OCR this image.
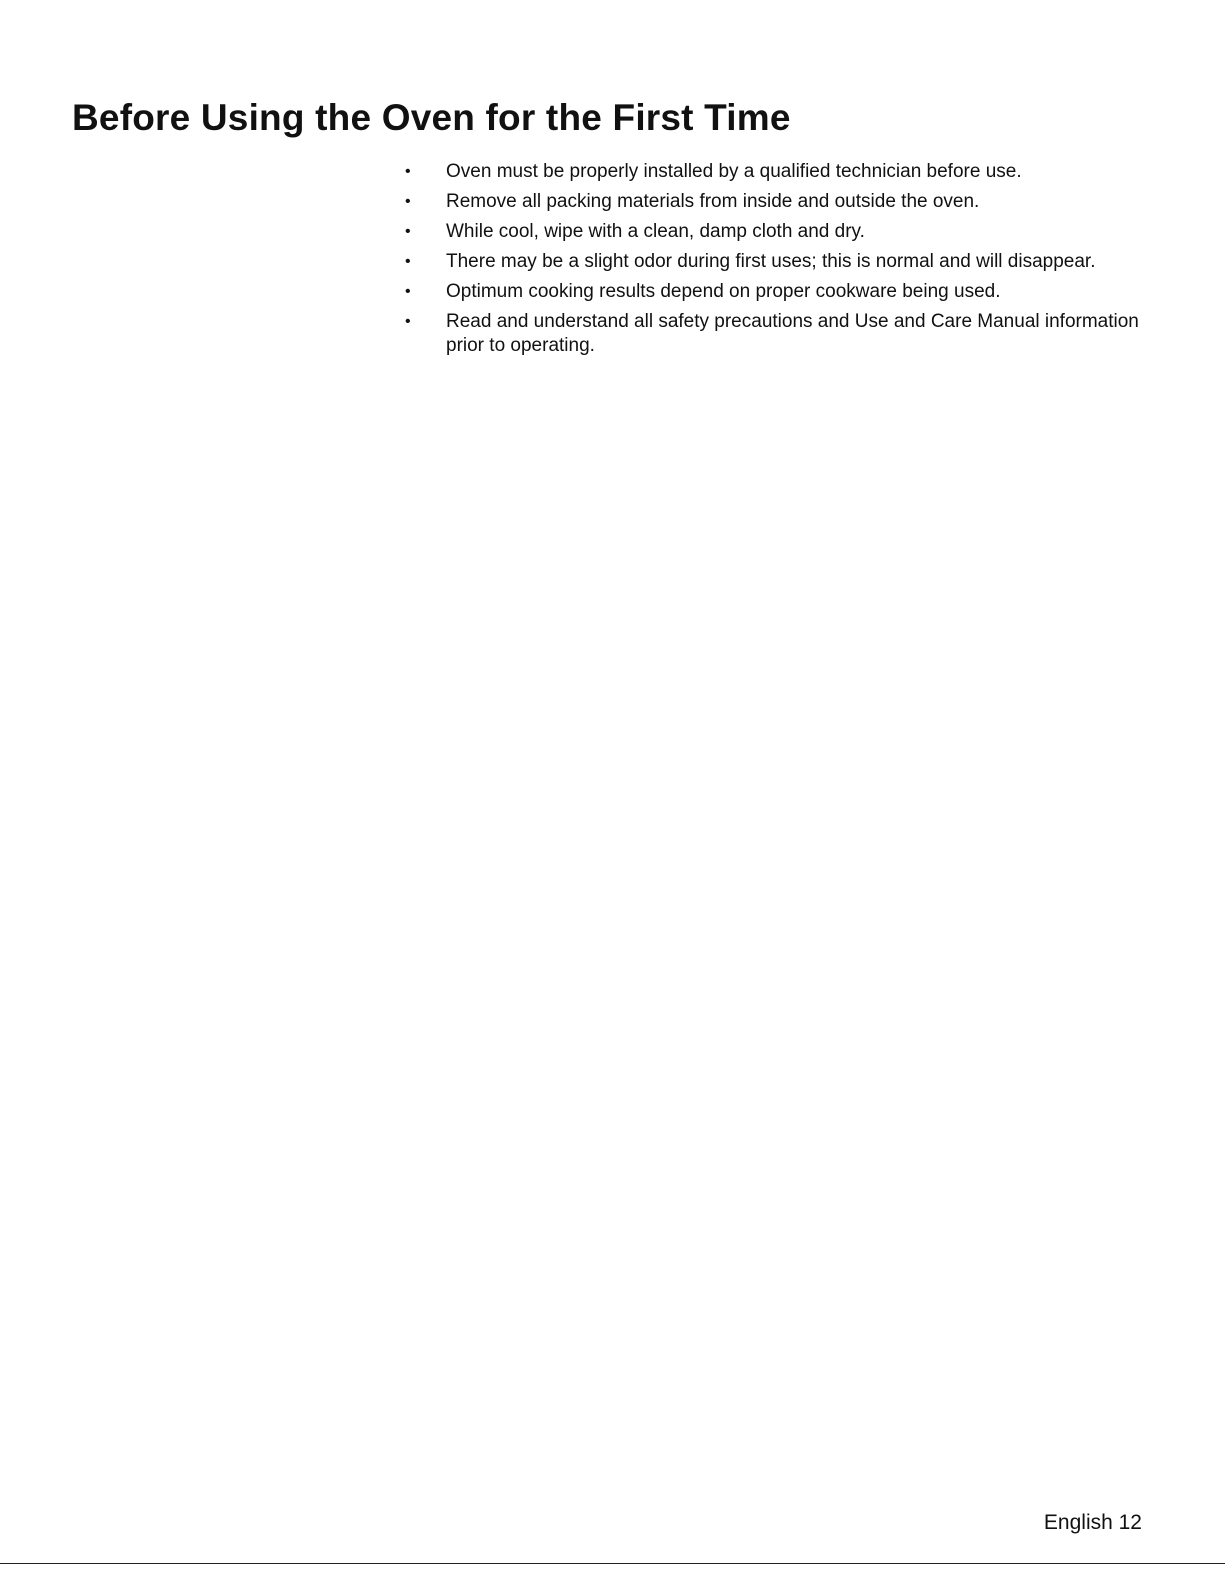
Before Using the Oven for the First Time
•	Oven must be properly installed by a qualified technician before use.
•	Remove all packing materials from inside and outside the oven.
•	While cool, wipe with a clean, damp cloth and dry.
•	There may be a slight odor during first uses; this is normal and will disappear.
•	Optimum cooking results depend on proper cookware being used.
•	Read and understand all safety precautions and Use and Care Manual information prior to operating.

English 12
